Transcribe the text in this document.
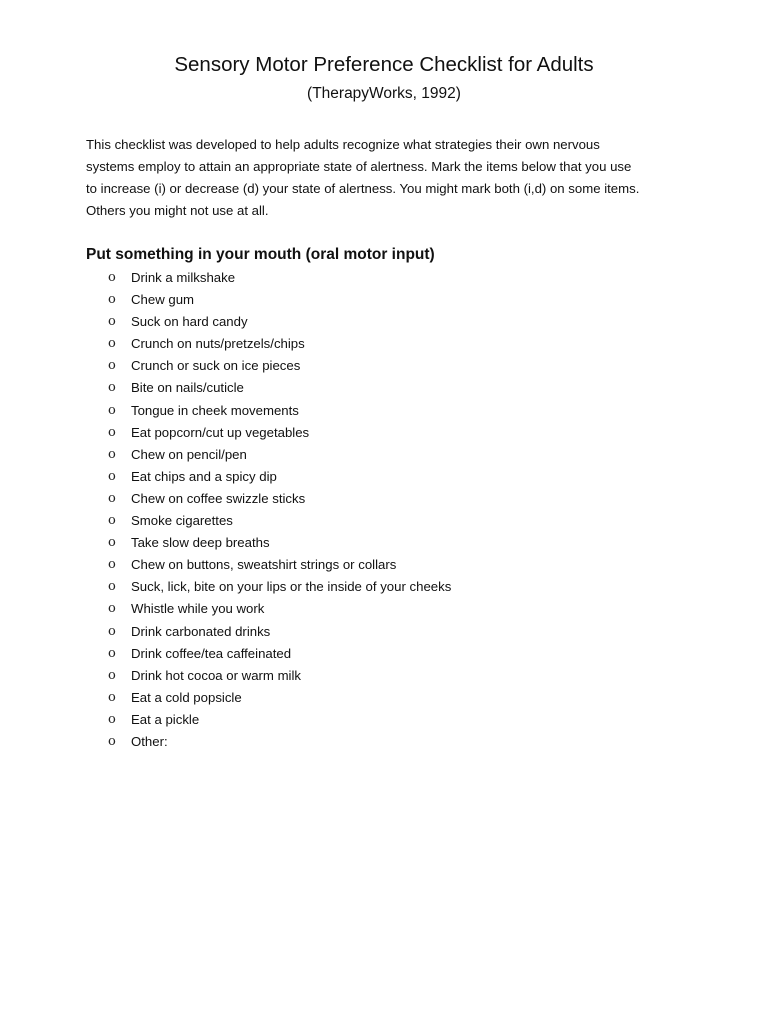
Sensory Motor Preference Checklist for Adults
(TherapyWorks, 1992)
This checklist was developed to help adults recognize what strategies their own nervous
systems employ to attain an appropriate state of alertness. Mark the items below that you use
to increase (i) or decrease (d) your state of alertness. You might mark both (i,d) on some items.
Others you might not use at all.
Put something in your mouth (oral motor input)
o	Drink a milkshake
o	Chew gum
o	Suck on hard candy
o	Crunch on nuts/pretzels/chips
o	Crunch or suck on ice pieces
o	Bite on nails/cuticle
o	Tongue in cheek movements
o	Eat popcorn/cut up vegetables
o	Chew on pencil/pen
o	Eat chips and a spicy dip
o	Chew on coffee swizzle sticks
o	Smoke cigarettes
o	Take slow deep breaths
o	Chew on buttons, sweatshirt strings or collars
o	Suck, lick, bite on your lips or the inside of your cheeks
o	Whistle while you work
o	Drink carbonated drinks
o	Drink coffee/tea caffeinated
o	Drink hot cocoa or warm milk
o	Eat a cold popsicle
o	Eat a pickle
o	Other:
